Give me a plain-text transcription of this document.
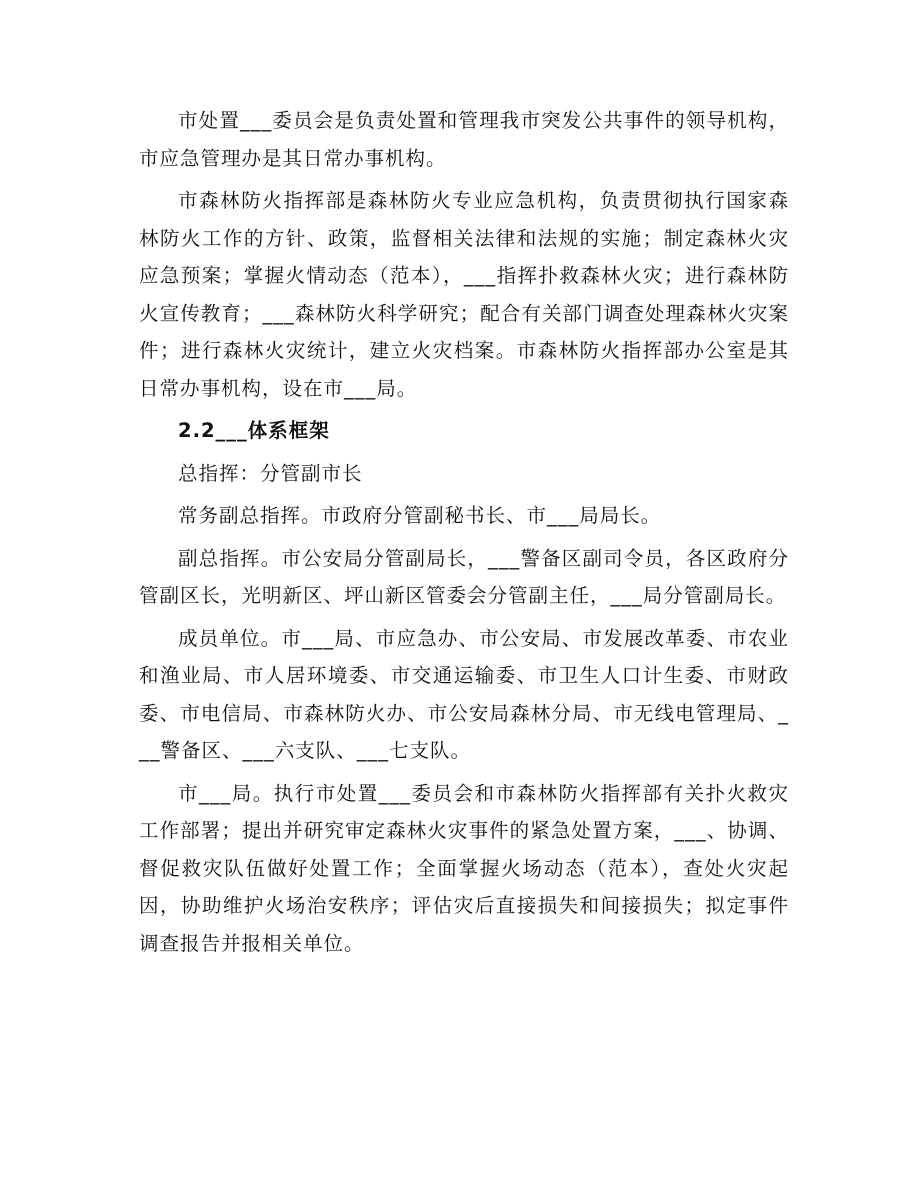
市处置___委员会是负责处置和管理我市突发公共事件的领导机构，市应急管理办是其日常办事机构。

市森林防火指挥部是森林防火专业应急机构，负责贯彻执行国家森林防火工作的方针、政策，监督相关法律和法规的实施；制定森林火灾应急预案；掌握火情动态（范本），___指挥扑救森林火灾；进行森林防火宣传教育；___森林防火科学研究；配合有关部门调查处理森林火灾案件；进行森林火灾统计，建立火灾档案。市森林防火指挥部办公室是其日常办事机构，设在市___局。

2.2___体系框架

总指挥：分管副市长

常务副总指挥。市政府分管副秘书长、市___局局长。

副总指挥。市公安局分管副局长，___警备区副司令员，各区政府分管副区长，光明新区、坪山新区管委会分管副主任，___局分管副局长。

成员单位。市___局、市应急办、市公安局、市发展改革委、市农业和渔业局、市人居环境委、市交通运输委、市卫生人口计生委、市财政委、市电信局、市森林防火办、市公安局森林分局、市无线电管理局、___警备区、___六支队、___七支队。

市___局。执行市处置___委员会和市森林防火指挥部有关扑火救灾工作部署；提出并研究审定森林火灾事件的紧急处置方案，___、协调、督促救灾队伍做好处置工作；全面掌握火场动态（范本），查处火灾起因，协助维护火场治安秩序；评估灾后直接损失和间接损失；拟定事件调查报告并报相关单位。
